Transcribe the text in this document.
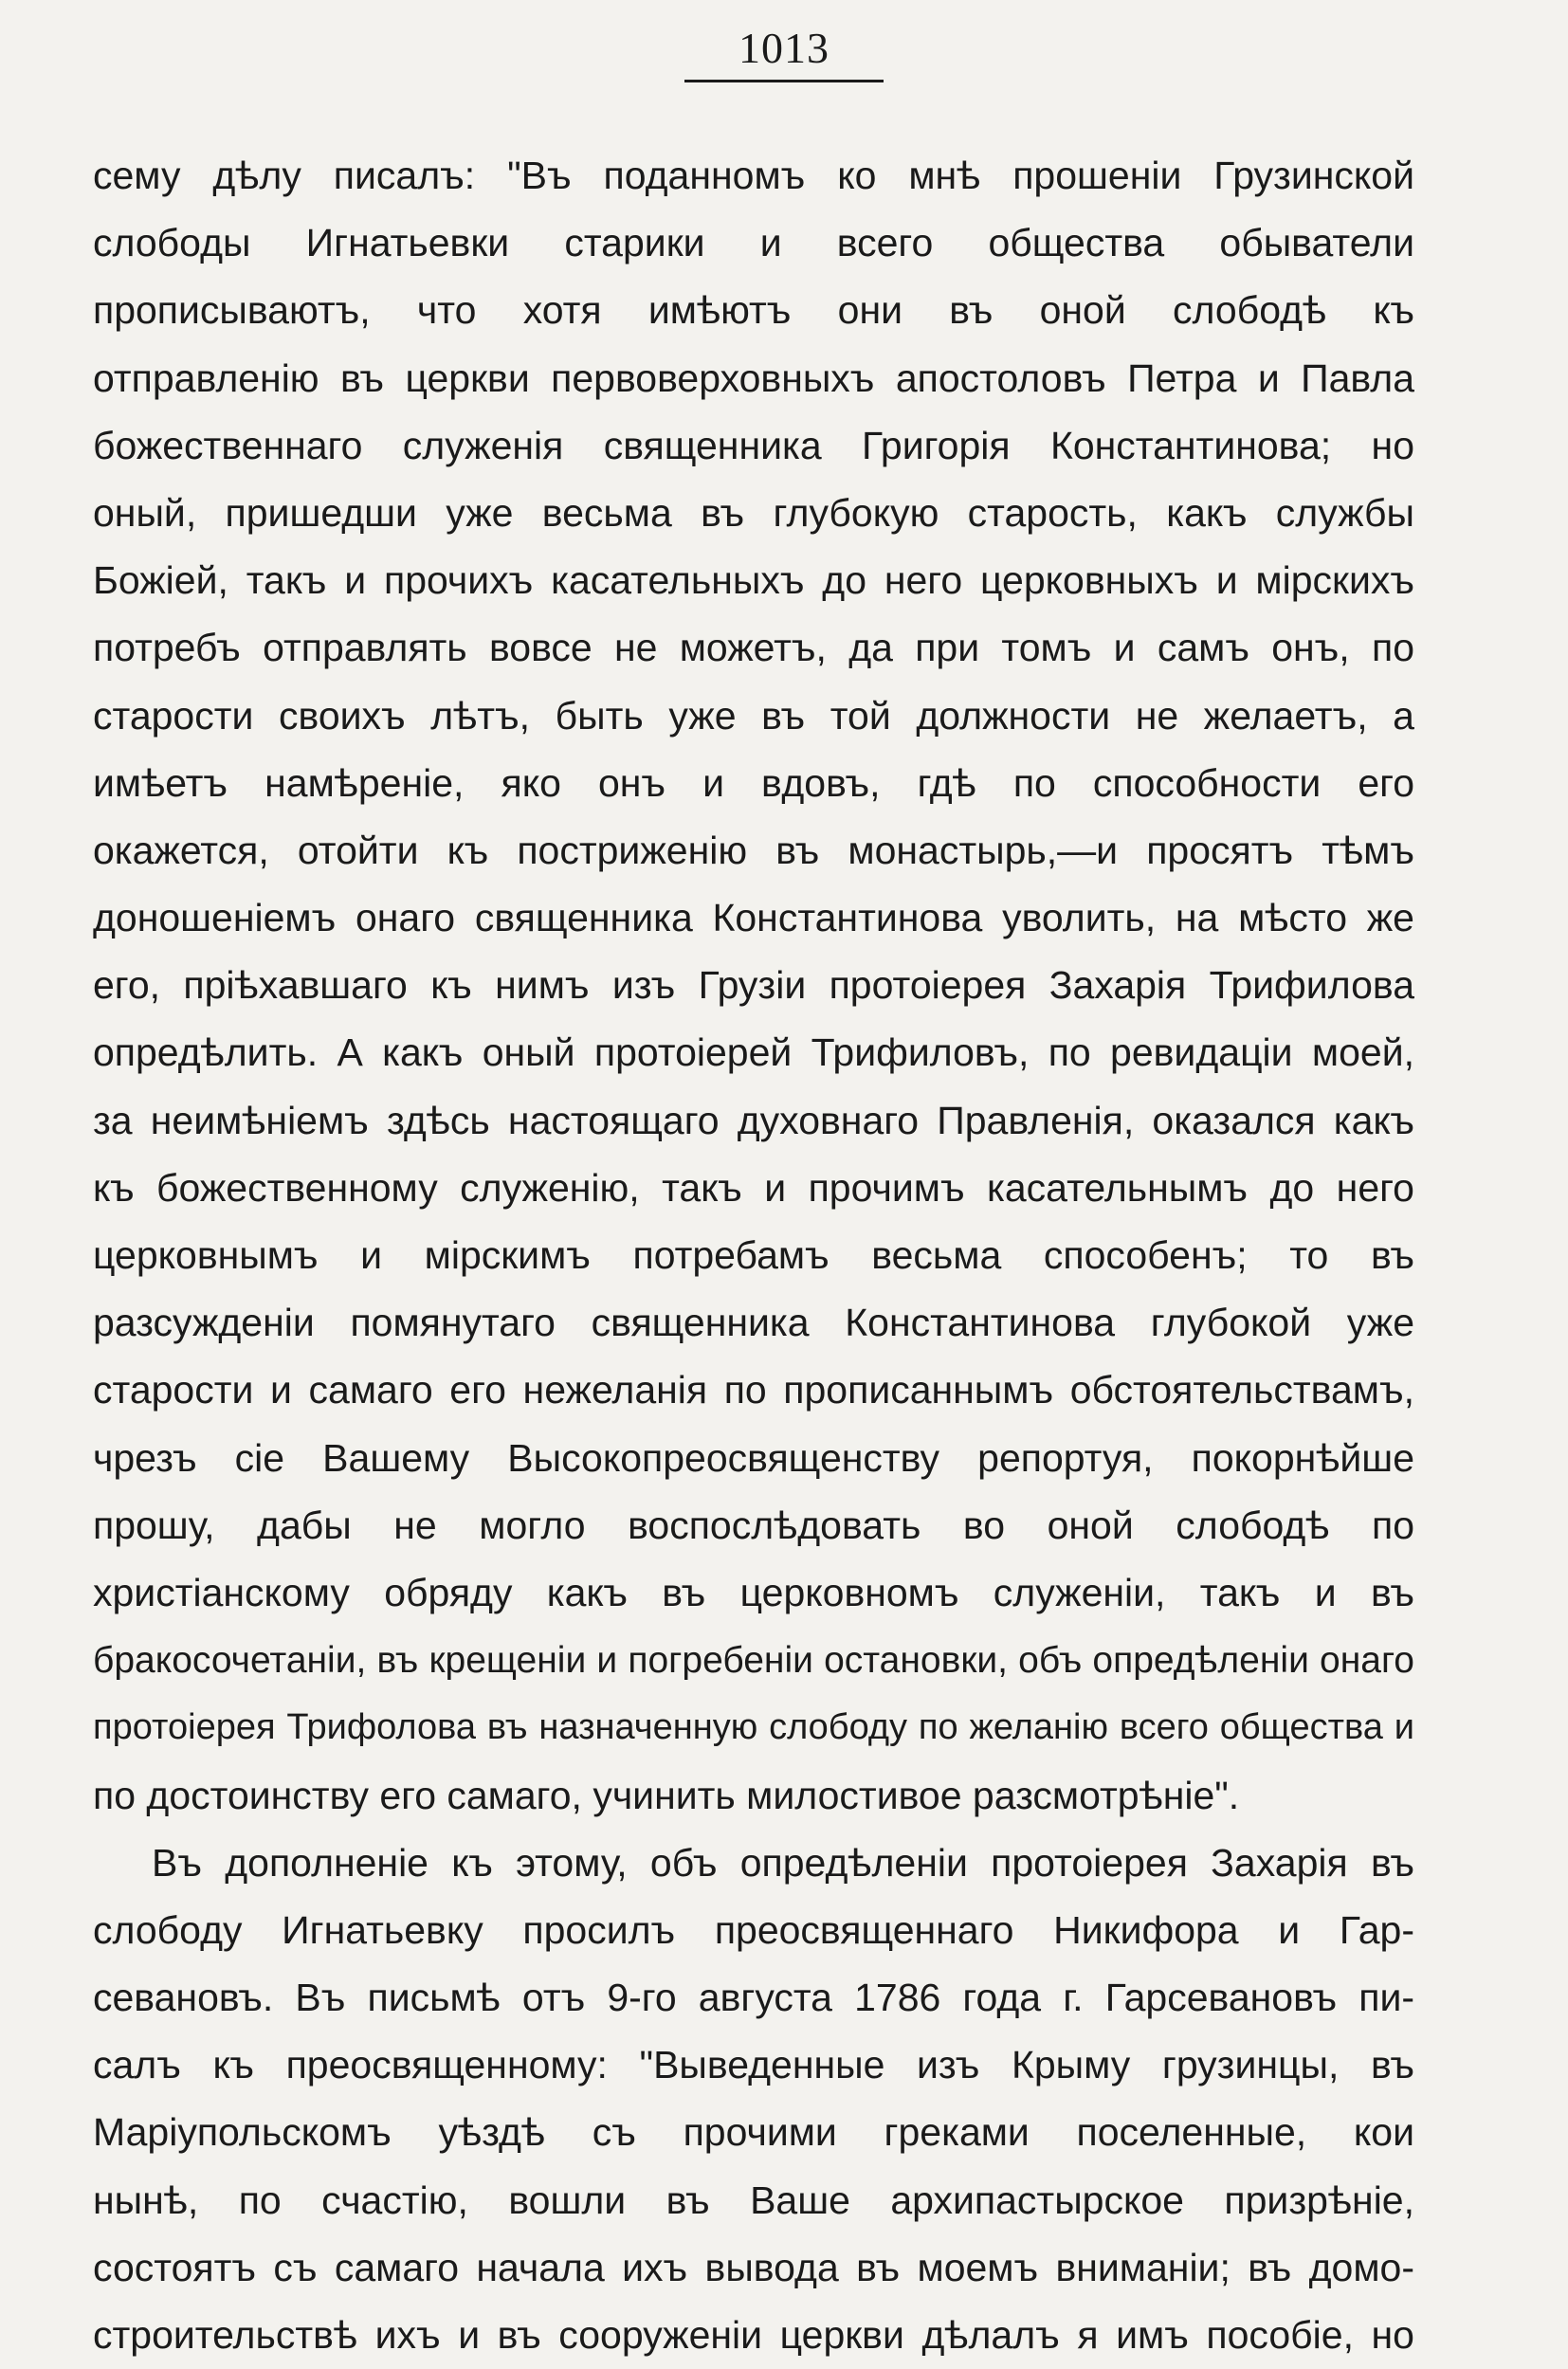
1013
сему дѣлу писалъ: "Въ поданномъ ко мнѣ прошенiи Грузинской
слободы Игнатьевки старики и всего общества обыватели
прописываютъ, что хотя имѣютъ они въ оной слободѣ къ
отправленiю въ церкви первоверховныхъ апостоловъ Петра и Павла
божественнаго служенiя священника Григорiя Константинова; но
оный, пришедши уже весьма въ глубокую старость, какъ службы
Божiей, такъ и прочихъ касательныхъ до него церковныхъ и мiрскихъ
потребъ отправлять вовсе не можетъ, да при томъ и самъ онъ, по
старости своихъ лѣтъ, быть уже въ той должности не желаетъ, а
имѣетъ намѣренiе, яко онъ и вдовъ, гдѣ по способности его
окажется, отойти къ постриженiю въ монастырь,—и просятъ тѣмъ
доношенiемъ онаго священника Константинова уволить, на мѣсто же
его, прiѣхавшаго къ нимъ изъ Грузiи протоiерея Захарiя Трифилова
опредѣлить. А какъ оный протоiерей Трифиловъ, по ревидацiи моей,
за неимѣнiемъ здѣсь настоящаго духовнаго Правленiя, оказался какъ
къ божественному служенiю, такъ и прочимъ касательнымъ до него
церковнымъ и мiрскимъ потребамъ весьма способенъ; то въ
разсужденiи помянутаго священника Константинова глубокой уже
старости и самаго его нежеланiя по прописаннымъ обстоятельствамъ,
чрезъ сiе Вашему Высокопреосвященству репортуя, покорнѣйше
прошу, дабы не могло воспослѣдовать во оной слободѣ по
христiанскому обряду какъ въ церковномъ служенiи, такъ и въ
бракосочетанiи, въ крещенiи и погребенiи остановки, объ опредѣленiи онаго
протоiерея Трифолова въ назначенную слободу по желанiю всего общества и
по достоинству его самаго, учинить милостивое разсмотрѣнiе".
Въ дополненiе къ этому, объ опредѣленiи протоiерея Захарiя въ
слободу Игнатьевку просилъ преосвященнаго Никифора и Гар-
севановъ. Въ письмѣ отъ 9-го августа 1786 года г. Гарсевановъ пи-
салъ къ преосвященному: "Выведенные изъ Крыму грузинцы, въ
Марiупольскомъ уѣздѣ съ прочими греками поселенные, кои
нынѣ, по счастiю, вошли въ Ваше архипастырское призрѣнiе,
состоятъ съ самаго начала ихъ вывода въ моемъ вниманiи; въ домо-
строительствѣ ихъ и въ сооруженiи церкви дѣлалъ я имъ пособiе, но
